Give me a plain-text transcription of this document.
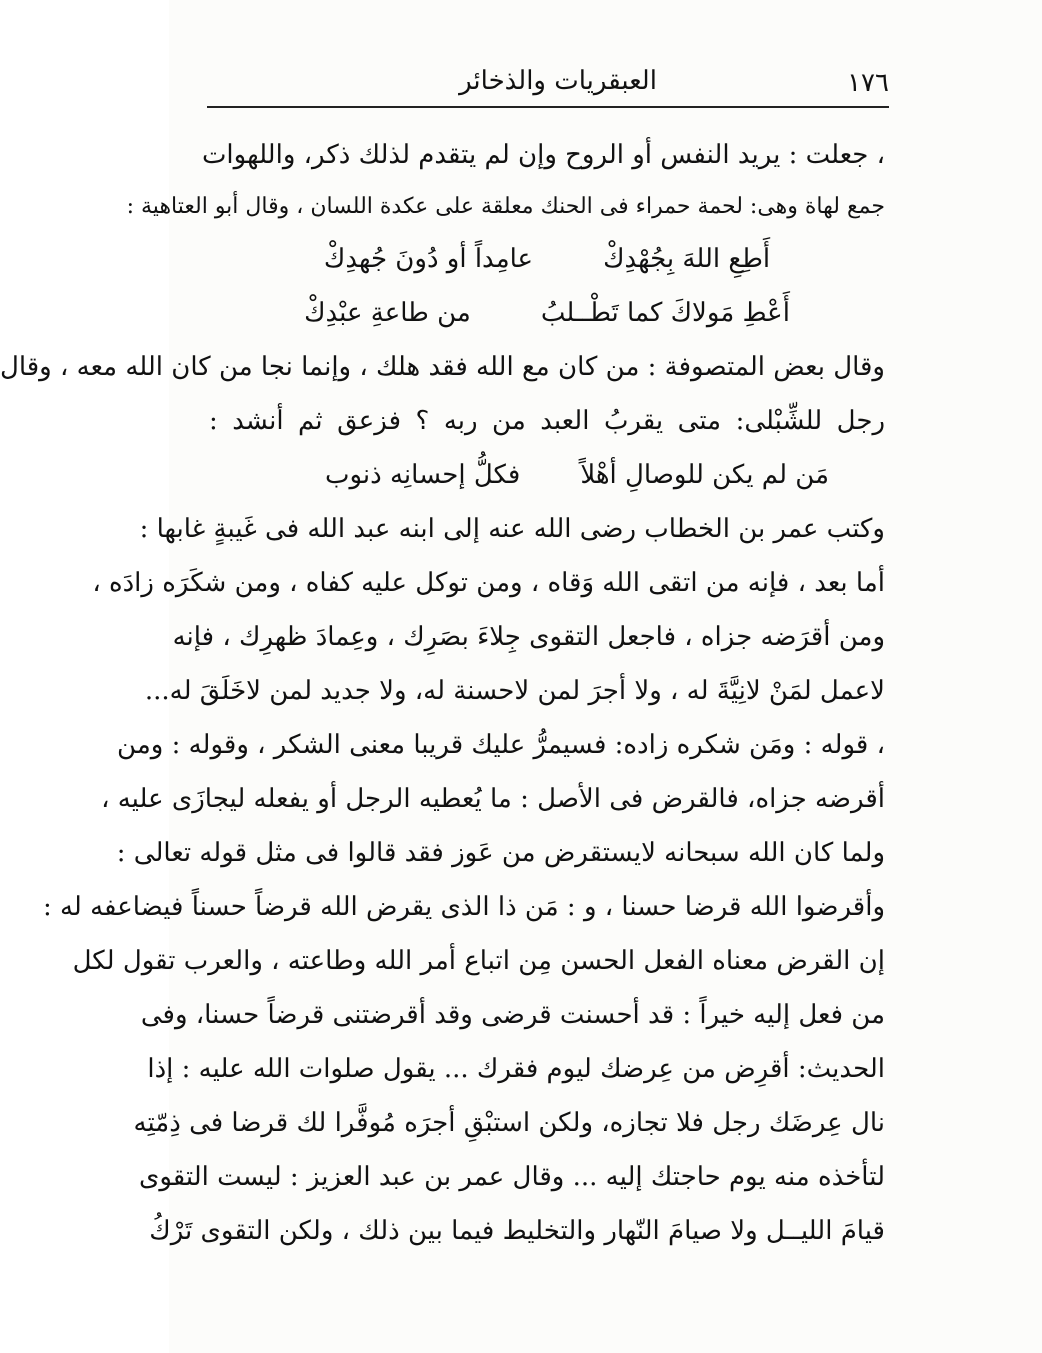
١٧٦
العبقريات والذخائر
، جعلت : يريد النفس أو الروح وإن لم يتقدم لذلك ذكر، واللهوات
جمع لهاة وهى: لحمة حمراء فى الحنك معلقة على عكدة اللسان ، وقال أبو العتاهية :
أَطِعِ اللهَ بِجُهْدِكْ
عامِداً أو دُونَ جُهدِكْ
أَعْطِ مَولاكَ كما تَطْــلبُ
من طاعةِ عبْدِكْ
وقال بعض المتصوفة : من كان مع الله فقد هلك ، وإنما نجا من كان الله معه ، وقال
رجل للشِّبْلى: متى يقربُ العبد من ربه ؟ فزعق ثم أنشد :
مَن لم يكن للوصالِ أهْلاً
فكلُّ إحسانِه ذنوب
وكتب عمر بن الخطاب رضى الله عنه إلى ابنه عبد الله فى غَيبةٍ غابها :
أما بعد ، فإنه من اتقى الله وَقاه ، ومن توكل عليه كفاه ، ومن شكَرَه زادَه ،
ومن أقرَضه جزاه ، فاجعل التقوى جِلاءَ بصَرِك ، وعِمادَ ظهرِك ، فإنه
لاعمل لمَنْ لانِيَّةَ له ، ولا أجرَ لمن لاحسنة له، ولا جديد لمن لاخَلَقَ له...
، قوله : ومَن شكره زاده: فسيمرُّ عليك قريبا معنى الشكر ، وقوله : ومن
أقرضه جزاه، فالقرض فى الأصل : ما يُعطيه الرجل أو يفعله ليجازَى عليه ،
ولما كان الله سبحانه لايستقرض من عَوز فقد قالوا فى مثل قوله تعالى :
وأقرضوا الله قرضا حسنا ، و : مَن ذا الذى يقرض الله قرضاً حسناً فيضاعفه له :
إن القرض معناه الفعل الحسن مِن اتباع أمر الله وطاعته ، والعرب تقول لكل
من فعل إليه خيراً : قد أحسنت قرضى وقد أقرضتنى قرضاً حسنا، وفى
الحديث: أقرِض من عِرضك ليوم فقرك ... يقول صلوات الله عليه : إذا
نال عِرضَك رجل فلا تجازه، ولكن استبْقِ أجرَه مُوفَّرا لك قرضا فى ذِمّتِه
لتأخذه منه يوم حاجتك إليه ... وقال عمر بن عبد العزيز : ليست التقوى
قيامَ الليــل ولا صيامَ النّهار والتخليط فيما بين ذلك ، ولكن التقوى تَرْكُ
